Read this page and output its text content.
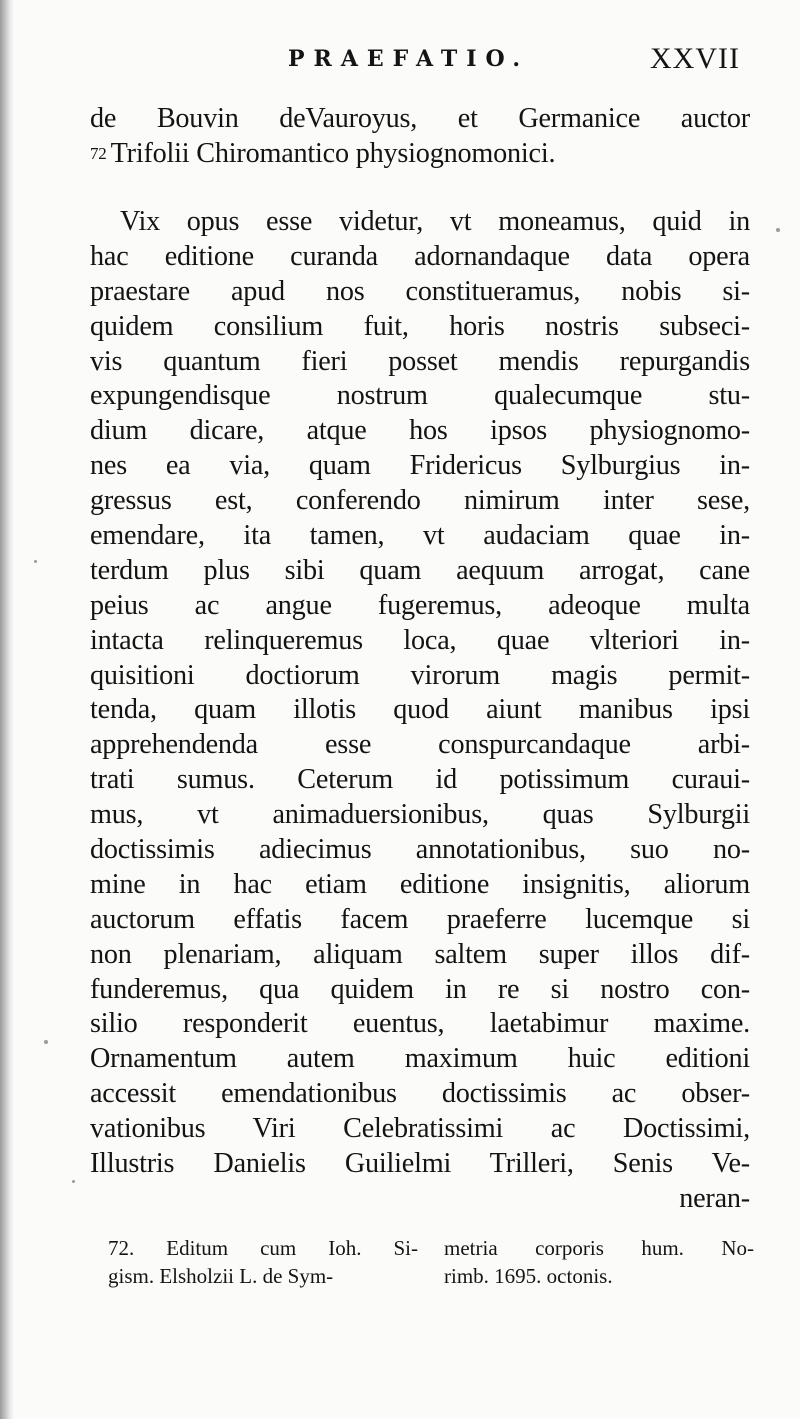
PRAEFATIO.	XXVII
de Bouvin deVauroyus, et Germanice auctor
72 Trifolii Chiromantico physiognomonici.
Vix opus esse videtur, vt moneamus, quid in
hac editione curanda adornandaque data opera
praestare apud nos constitueramus, nobis si-
quidem consilium fuit, horis nostris subseci-
vis quantum fieri posset mendis repurgandis
expungendisque nostrum qualecumque stu-
dium dicare, atque hos ipsos physiognomo-
nes ea via, quam Fridericus Sylburgius in-
gressus est, conferendo nimirum inter sese,
emendare, ita tamen, vt audaciam quae in-
terdum plus sibi quam aequum arrogat, cane
peius ac angue fugeremus, adeoque multa
intacta relinqueremus loca, quae vlteriori in-
quisitioni doctiorum virorum magis permit-
tenda, quam illotis quod aiunt manibus ipsi
apprehendenda esse conspurcandaque arbi-
trati sumus. Ceterum id potissimum curaui-
mus, vt animaduersionibus, quas Sylburgii
doctissimis adiecimus annotationibus, suo no-
mine in hac etiam editione insignitis, aliorum
auctorum effatis facem praeferre lucemque si
non plenariam, aliquam saltem super illos dif-
funderemus, qua quidem in re si nostro con-
silio responderit euentus, laetabimur maxime.
Ornamentum autem maximum huic editioni
accessit emendationibus doctissimis ac obser-
vationibus Viri Celebratissimi ac Doctissimi,
Illustris Danielis Guilielmi Trilleri, Senis Ve-
neran-
72. Editum cum Ioh. Si-
gism. Elsholzii L. de Sym-
metria corporis hum. No-
rimb. 1695. octonis.
